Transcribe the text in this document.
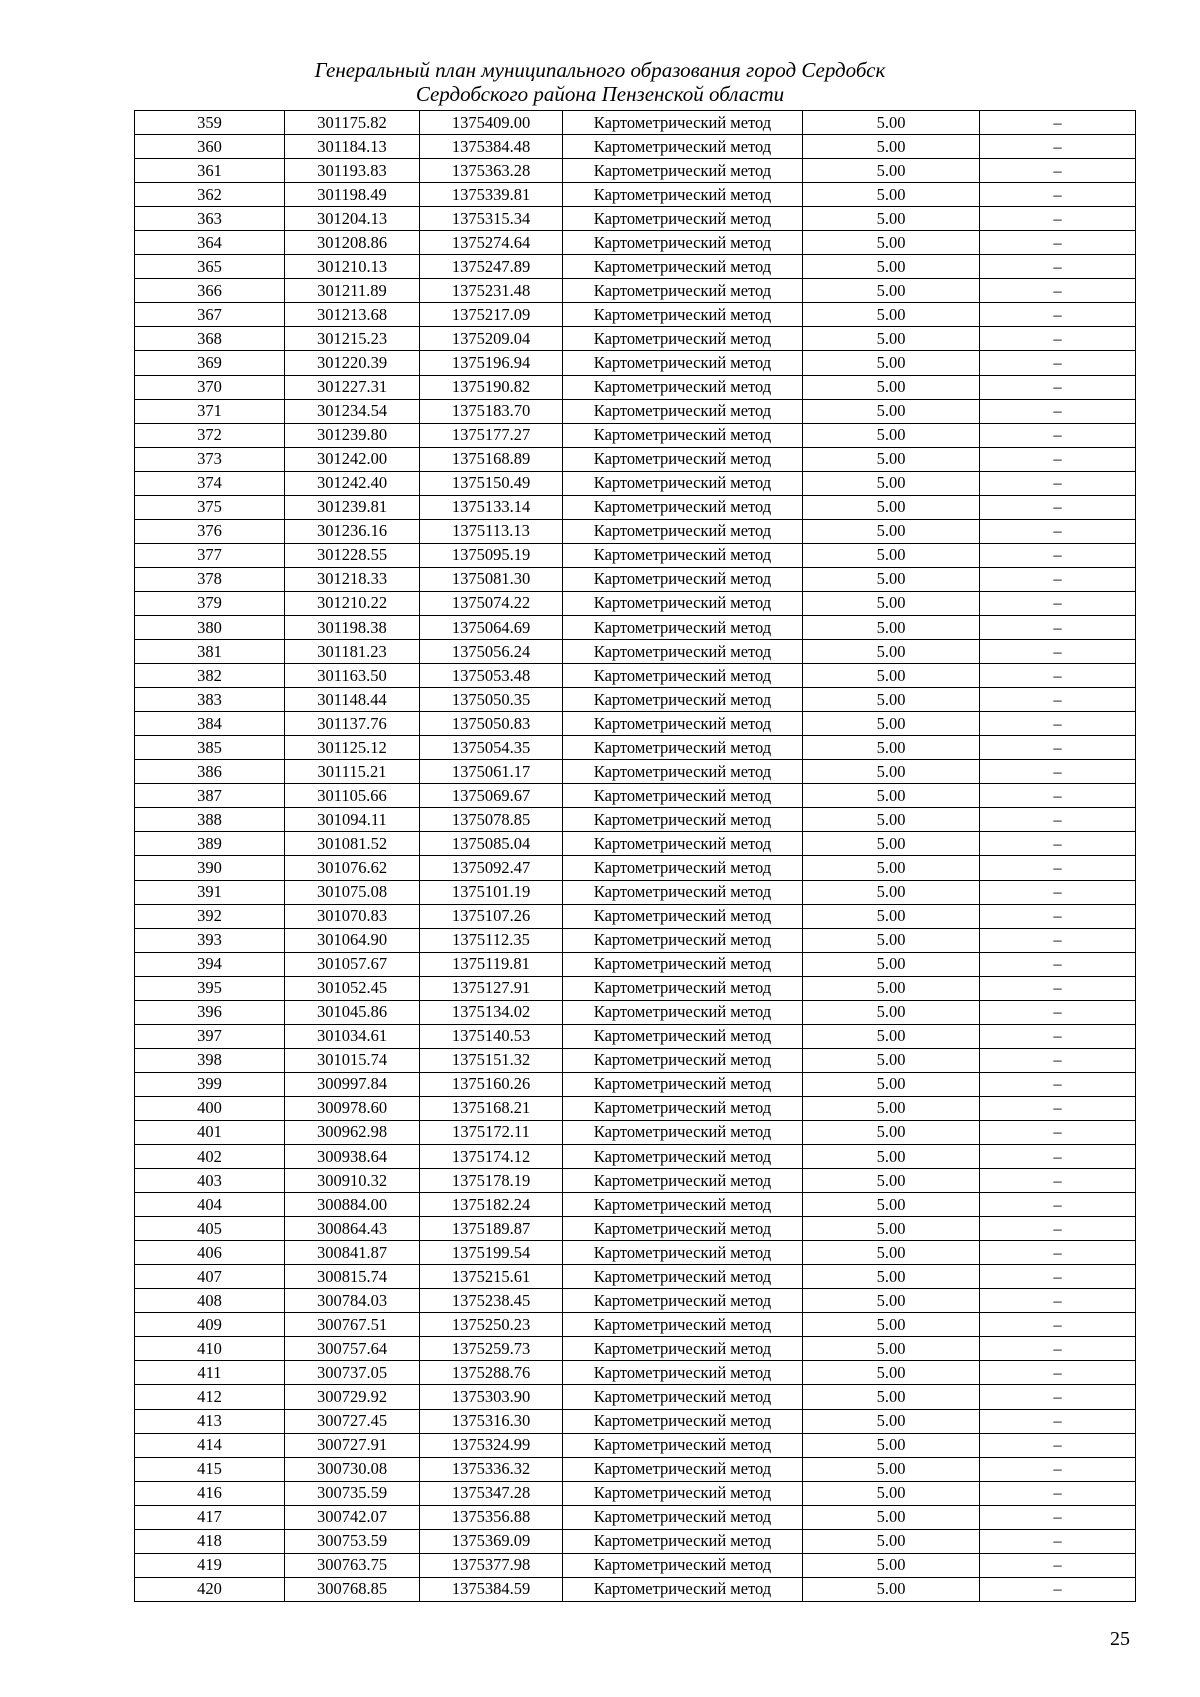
Генеральный план муниципального образования город Сердобск
Сердобского района Пензенской области
359	301175.82	1375409.00	Картометрический метод	5.00	–
360	301184.13	1375384.48	Картометрический метод	5.00	–
361	301193.83	1375363.28	Картометрический метод	5.00	–
362	301198.49	1375339.81	Картометрический метод	5.00	–
363	301204.13	1375315.34	Картометрический метод	5.00	–
364	301208.86	1375274.64	Картометрический метод	5.00	–
365	301210.13	1375247.89	Картометрический метод	5.00	–
366	301211.89	1375231.48	Картометрический метод	5.00	–
367	301213.68	1375217.09	Картометрический метод	5.00	–
368	301215.23	1375209.04	Картометрический метод	5.00	–
369	301220.39	1375196.94	Картометрический метод	5.00	–
370	301227.31	1375190.82	Картометрический метод	5.00	–
371	301234.54	1375183.70	Картометрический метод	5.00	–
372	301239.80	1375177.27	Картометрический метод	5.00	–
373	301242.00	1375168.89	Картометрический метод	5.00	–
374	301242.40	1375150.49	Картометрический метод	5.00	–
375	301239.81	1375133.14	Картометрический метод	5.00	–
376	301236.16	1375113.13	Картометрический метод	5.00	–
377	301228.55	1375095.19	Картометрический метод	5.00	–
378	301218.33	1375081.30	Картометрический метод	5.00	–
379	301210.22	1375074.22	Картометрический метод	5.00	–
380	301198.38	1375064.69	Картометрический метод	5.00	–
381	301181.23	1375056.24	Картометрический метод	5.00	–
382	301163.50	1375053.48	Картометрический метод	5.00	–
383	301148.44	1375050.35	Картометрический метод	5.00	–
384	301137.76	1375050.83	Картометрический метод	5.00	–
385	301125.12	1375054.35	Картометрический метод	5.00	–
386	301115.21	1375061.17	Картометрический метод	5.00	–
387	301105.66	1375069.67	Картометрический метод	5.00	–
388	301094.11	1375078.85	Картометрический метод	5.00	–
389	301081.52	1375085.04	Картометрический метод	5.00	–
390	301076.62	1375092.47	Картометрический метод	5.00	–
391	301075.08	1375101.19	Картометрический метод	5.00	–
392	301070.83	1375107.26	Картометрический метод	5.00	–
393	301064.90	1375112.35	Картометрический метод	5.00	–
394	301057.67	1375119.81	Картометрический метод	5.00	–
395	301052.45	1375127.91	Картометрический метод	5.00	–
396	301045.86	1375134.02	Картометрический метод	5.00	–
397	301034.61	1375140.53	Картометрический метод	5.00	–
398	301015.74	1375151.32	Картометрический метод	5.00	–
399	300997.84	1375160.26	Картометрический метод	5.00	–
400	300978.60	1375168.21	Картометрический метод	5.00	–
401	300962.98	1375172.11	Картометрический метод	5.00	–
402	300938.64	1375174.12	Картометрический метод	5.00	–
403	300910.32	1375178.19	Картометрический метод	5.00	–
404	300884.00	1375182.24	Картометрический метод	5.00	–
405	300864.43	1375189.87	Картометрический метод	5.00	–
406	300841.87	1375199.54	Картометрический метод	5.00	–
407	300815.74	1375215.61	Картометрический метод	5.00	–
408	300784.03	1375238.45	Картометрический метод	5.00	–
409	300767.51	1375250.23	Картометрический метод	5.00	–
410	300757.64	1375259.73	Картометрический метод	5.00	–
411	300737.05	1375288.76	Картометрический метод	5.00	–
412	300729.92	1375303.90	Картометрический метод	5.00	–
413	300727.45	1375316.30	Картометрический метод	5.00	–
414	300727.91	1375324.99	Картометрический метод	5.00	–
415	300730.08	1375336.32	Картометрический метод	5.00	–
416	300735.59	1375347.28	Картометрический метод	5.00	–
417	300742.07	1375356.88	Картометрический метод	5.00	–
418	300753.59	1375369.09	Картометрический метод	5.00	–
419	300763.75	1375377.98	Картометрический метод	5.00	–
420	300768.85	1375384.59	Картометрический метод	5.00	–
25
